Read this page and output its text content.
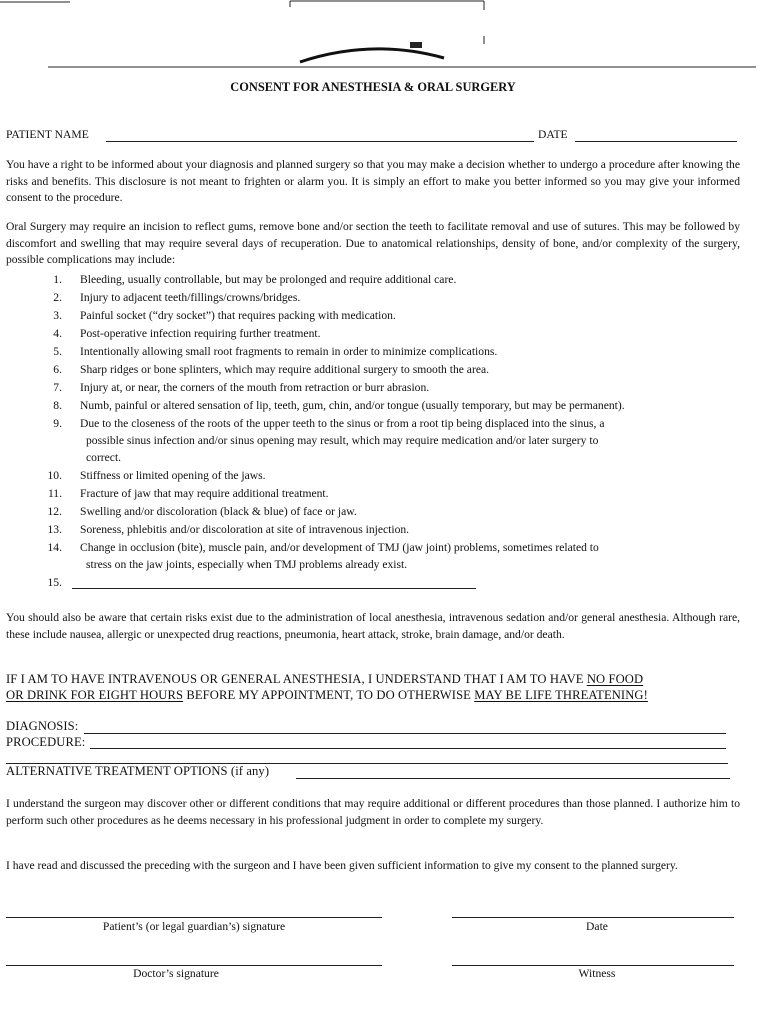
CONSENT FOR ANESTHESIA & ORAL SURGERY
PATIENT NAME	DATE
You have a right to be informed about your diagnosis and planned surgery so that you may make a decision whether to undergo a procedure after knowing the risks and benefits. This disclosure is not meant to frighten or alarm you. It is simply an effort to make you better informed so you may give your informed consent to the procedure.
Oral Surgery may require an incision to reflect gums, remove bone and/or section the teeth to facilitate removal and use of sutures. This may be followed by discomfort and swelling that may require several days of recuperation. Due to anatomical relationships, density of bone, and/or complexity of the surgery, possible complications may include:
1. Bleeding, usually controllable, but may be prolonged and require additional care.
2. Injury to adjacent teeth/fillings/crowns/bridges.
3. Painful socket (“dry socket”) that requires packing with medication.
4. Post-operative infection requiring further treatment.
5. Intentionally allowing small root fragments to remain in order to minimize complications.
6. Sharp ridges or bone splinters, which may require additional surgery to smooth the area.
7. Injury at, or near, the corners of the mouth from retraction or burr abrasion.
8. Numb, painful or altered sensation of lip, teeth, gum, chin, and/or tongue (usually temporary, but may be permanent).
9. Due to the closeness of the roots of the upper teeth to the sinus or from a root tip being displaced into the sinus, a
possible sinus infection and/or sinus opening may result, which may require medication and/or later surgery to
correct.
10. Stiffness or limited opening of the jaws.
11. Fracture of jaw that may require additional treatment.
12. Swelling and/or discoloration (black & blue) of face or jaw.
13. Soreness, phlebitis and/or discoloration at site of intravenous injection.
14. Change in occlusion (bite), muscle pain, and/or development of TMJ (jaw joint) problems, sometimes related to
stress on the jaw joints, especially when TMJ problems already exist.
15.
You should also be aware that certain risks exist due to the administration of local anesthesia, intravenous sedation and/or general anesthesia. Although rare, these include nausea, allergic or unexpected drug reactions, pneumonia, heart attack, stroke, brain damage, and/or death.
IF I AM TO HAVE INTRAVENOUS OR GENERAL ANESTHESIA, I UNDERSTAND THAT I AM TO HAVE NO FOOD
OR DRINK FOR EIGHT HOURS BEFORE MY APPOINTMENT, TO DO OTHERWISE MAY BE LIFE THREATENING!
DIAGNOSIS:
PROCEDURE:
ALTERNATIVE TREATMENT OPTIONS (if any)
I understand the surgeon may discover other or different conditions that may require additional or different procedures than those planned. I authorize him to perform such other procedures as he deems necessary in his professional judgment in order to complete my surgery.
I have read and discussed the preceding with the surgeon and I have been given sufficient information to give my consent to the planned surgery.
Patient’s (or legal guardian’s) signature	Date
Doctor’s signature	Witness
